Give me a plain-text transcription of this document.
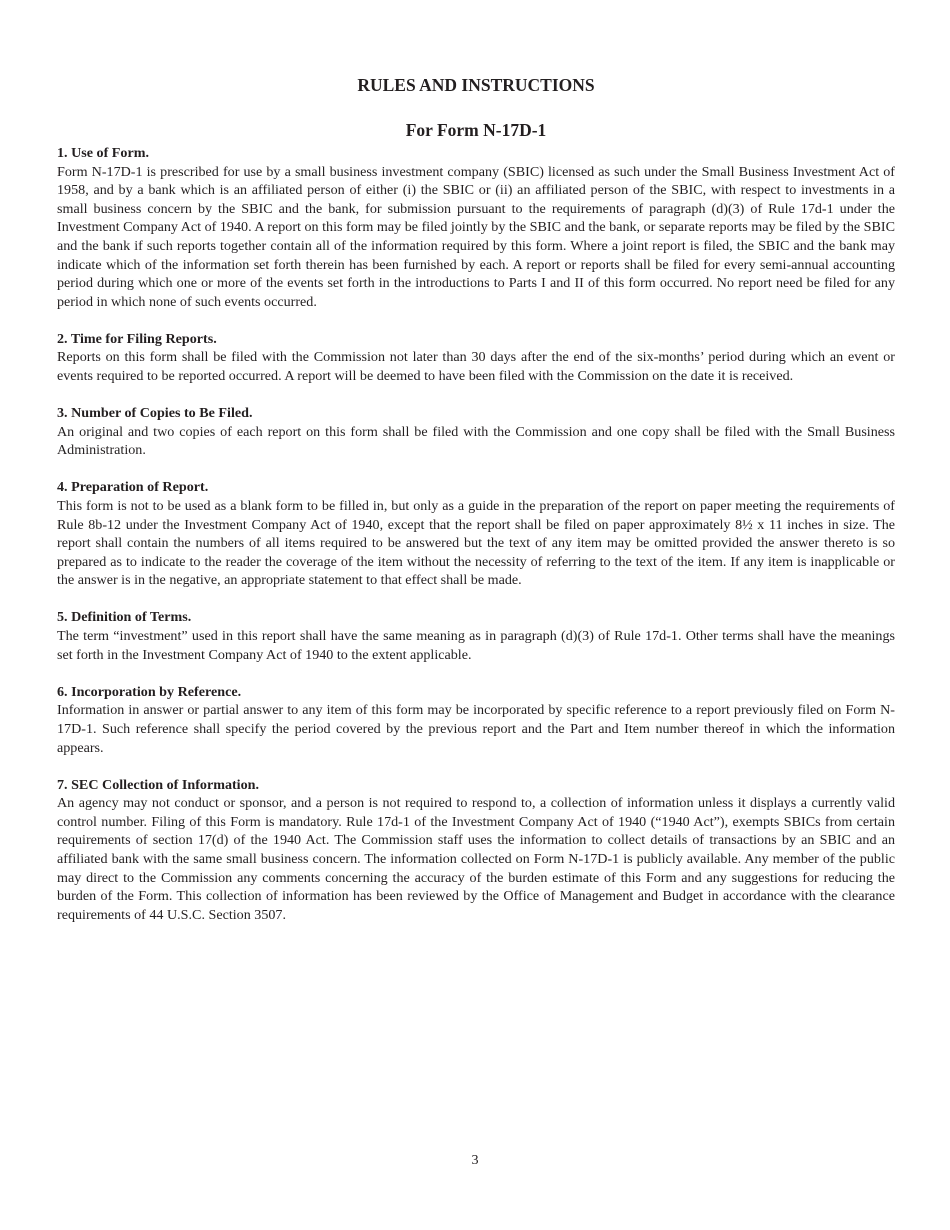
RULES AND INSTRUCTIONS
For Form N-17D-1
1. Use of Form.

Form N-17D-1 is prescribed for use by a small business investment company (SBIC) licensed as such under the Small Business Investment Act of 1958, and by a bank which is an affiliated person of either (i) the SBIC or (ii) an affiliated person of the SBIC, with respect to investments in a small business concern by the SBIC and the bank, for submission pursuant to the requirements of paragraph (d)(3) of Rule 17d-1 under the Investment Company Act of 1940. A report on this form may be filed jointly by the SBIC and the bank, or separate reports may be filed by the SBIC and the bank if such reports together contain all of the information required by this form. Where a joint report is filed, the SBIC and the bank may indicate which of the information set forth therein has been furnished by each. A report or reports shall be filed for every semi-annual accounting period during which one or more of the events set forth in the introductions to Parts I and II of this form occurred. No report need be filed for any period in which none of such events occurred.

2. Time for Filing Reports.

Reports on this form shall be filed with the Commission not later than 30 days after the end of the six-months’ period during which an event or events required to be reported occurred. A report will be deemed to have been filed with the Commission on the date it is received.

3. Number of Copies to Be Filed.

An original and two copies of each report on this form shall be filed with the Commission and one copy shall be filed with the Small Business Administration.

4. Preparation of Report.

This form is not to be used as a blank form to be filled in, but only as a guide in the preparation of the report on paper meeting the requirements of Rule 8b-12 under the Investment Company Act of 1940, except that the report shall be filed on paper approximately 8½ x 11 inches in size. The report shall contain the numbers of all items required to be answered but the text of any item may be omitted provided the answer thereto is so prepared as to indicate to the reader the coverage of the item without the necessity of referring to the text of the item. If any item is inapplicable or the answer is in the negative, an appropriate statement to that effect shall be made.

5. Definition of Terms.

The term “investment” used in this report shall have the same meaning as in paragraph (d)(3) of Rule 17d-1. Other terms shall have the meanings set forth in the Investment Company Act of 1940 to the extent applicable.

6. Incorporation by Reference.

Information in answer or partial answer to any item of this form may be incorporated by specific reference to a report previously filed on Form N-17D-1. Such reference shall specify the period covered by the previous report and the Part and Item number thereof in which the information appears.

7. SEC Collection of Information.

An agency may not conduct or sponsor, and a person is not required to respond to, a collection of information unless it displays a currently valid control number. Filing of this Form is mandatory. Rule 17d-1 of the Investment Company Act of 1940 (“1940 Act”), exempts SBICs from certain requirements of section 17(d) of the 1940 Act. The Commission staff uses the information to collect details of transactions by an SBIC and an affiliated bank with the same small business concern. The information collected on Form N-17D-1 is publicly available. Any member of the public may direct to the Commission any comments concerning the accuracy of the burden estimate of this Form and any suggestions for reducing the burden of the Form. This collection of information has been reviewed by the Office of Management and Budget in accordance with the clearance requirements of 44 U.S.C. Section 3507.

3
